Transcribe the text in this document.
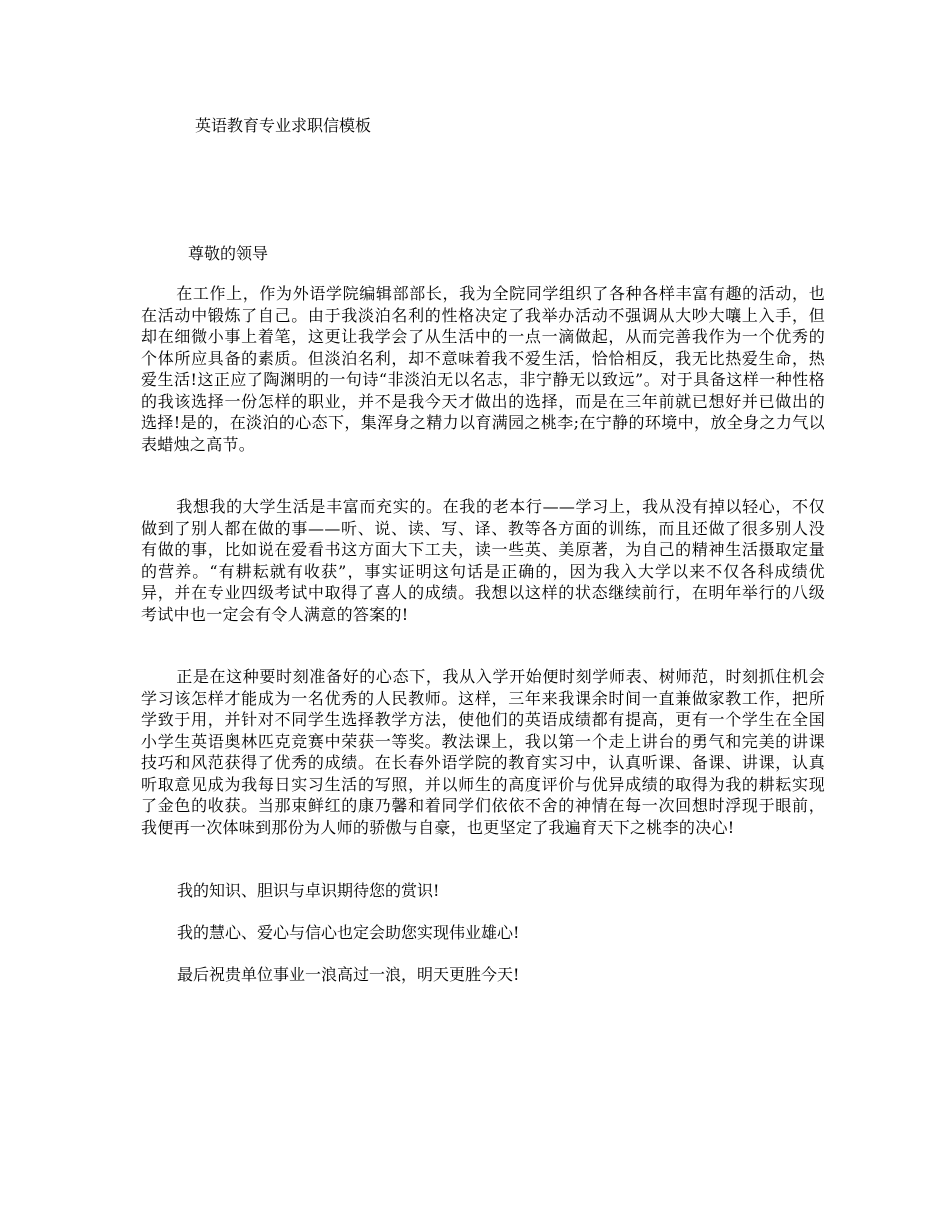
英语教育专业求职信模板
尊敬的领导

在工作上，作为外语学院编辑部部长，我为全院同学组织了各种各样丰富有趣的活动，也在活动中锻炼了自己。由于我淡泊名利的性格决定了我举办活动不强调从大吵大嚷上入手，但却在细微小事上着笔，这更让我学会了从生活中的一点一滴做起，从而完善我作为一个优秀的个体所应具备的素质。但淡泊名利，却不意味着我不爱生活，恰恰相反，我无比热爱生命，热爱生活!这正应了陶渊明的一句诗“非淡泊无以名志，非宁静无以致远”。对于具备这样一种性格的我该选择一份怎样的职业，并不是我今天才做出的选择，而是在三年前就已想好并已做出的选择!是的，在淡泊的心态下，集浑身之精力以育满园之桃李;在宁静的环境中，放全身之力气以表蜡烛之高节。

我想我的大学生活是丰富而充实的。在我的老本行——学习上，我从没有掉以轻心，不仅做到了别人都在做的事——听、说、读、写、译、教等各方面的训练，而且还做了很多别人没有做的事，比如说在爱看书这方面大下工夫，读一些英、美原著，为自己的精神生活摄取定量的营养。“有耕耘就有收获”，事实证明这句话是正确的，因为我入大学以来不仅各科成绩优异，并在专业四级考试中取得了喜人的成绩。我想以这样的状态继续前行，在明年举行的八级考试中也一定会有令人满意的答案的!

正是在这种要时刻准备好的心态下，我从入学开始便时刻学师表、树师范，时刻抓住机会学习该怎样才能成为一名优秀的人民教师。这样，三年来我课余时间一直兼做家教工作，把所学致于用，并针对不同学生选择教学方法，使他们的英语成绩都有提高，更有一个学生在全国小学生英语奥林匹克竞赛中荣获一等奖。教法课上，我以第一个走上讲台的勇气和完美的讲课技巧和风范获得了优秀的成绩。在长春外语学院的教育实习中，认真听课、备课、讲课，认真听取意见成为我每日实习生活的写照，并以师生的高度评价与优异成绩的取得为我的耕耘实现了金色的收获。当那束鲜红的康乃馨和着同学们依依不舍的神情在每一次回想时浮现于眼前，我便再一次体味到那份为人师的骄傲与自豪，也更坚定了我遍育天下之桃李的决心!

我的知识、胆识与卓识期待您的赏识!
我的慧心、爱心与信心也定会助您实现伟业雄心!
最后祝贵单位事业一浪高过一浪，明天更胜今天!
